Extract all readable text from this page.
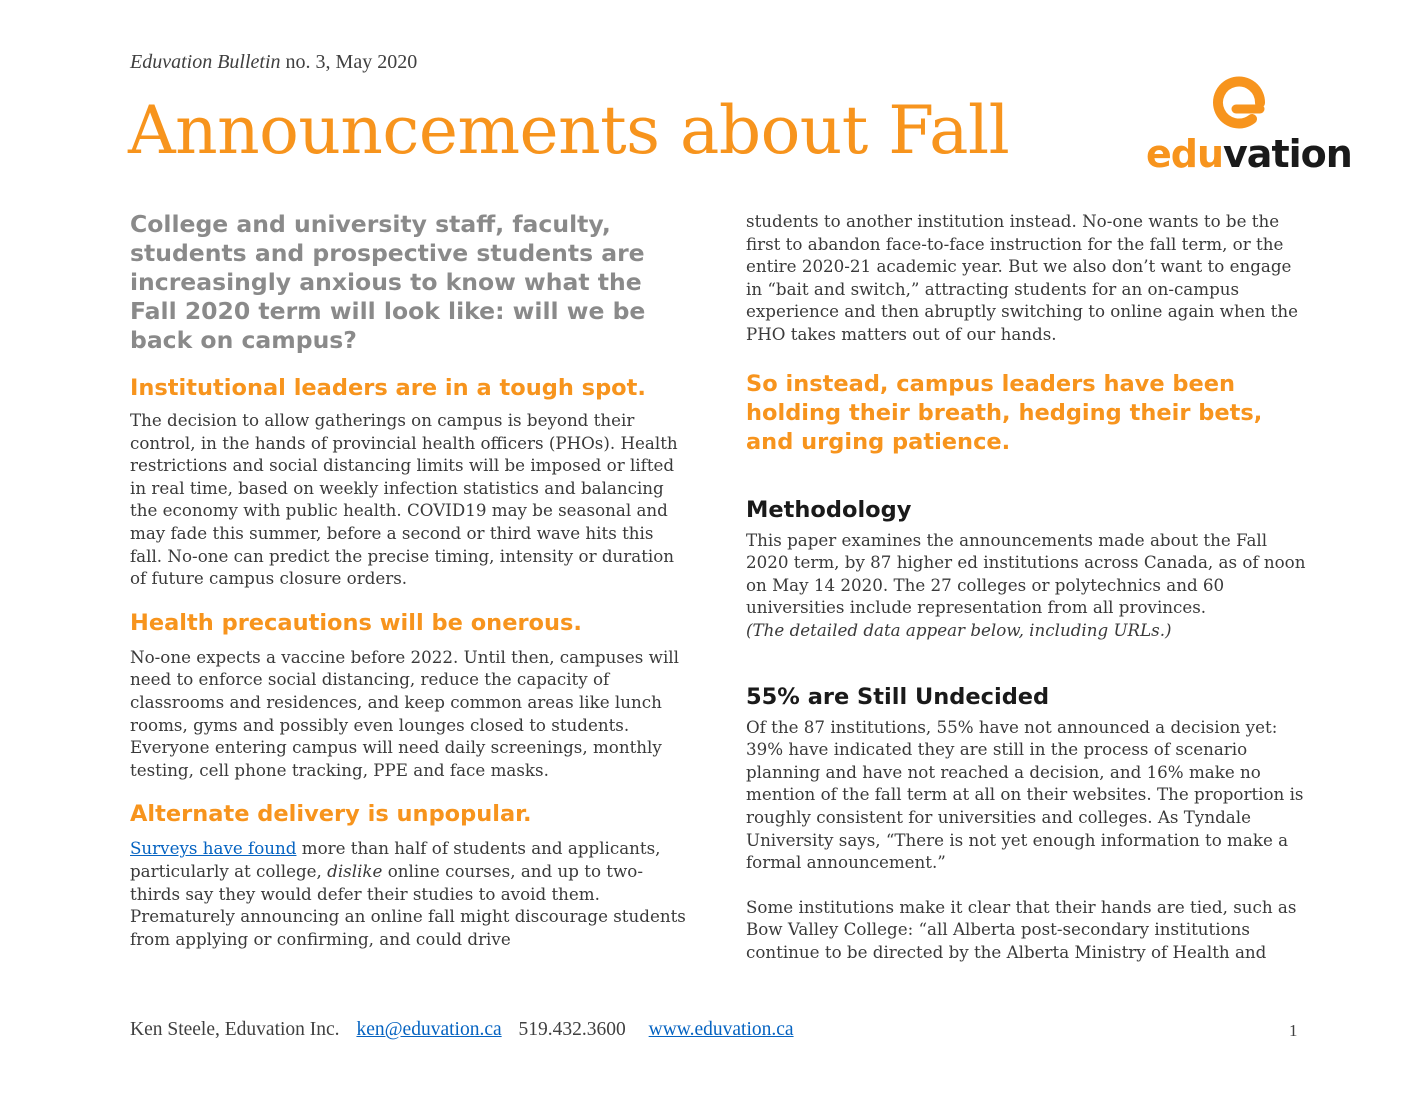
Eduvation Bulletin no. 3, May 2020
Announcements about Fall	eduvation

College and university staff, faculty, students and prospective students are increasingly anxious to know what the Fall 2020 term will look like: will we be back on campus?

Institutional leaders are in a tough spot.

The decision to allow gatherings on campus is beyond their control, in the hands of provincial health officers (PHOs). Health restrictions and social distancing limits will be imposed or lifted in real time, based on weekly infection statistics and balancing the economy with public health. COVID19 may be seasonal and may fade this summer, before a second or third wave hits this fall. No-one can predict the precise timing, intensity or duration of future campus closure orders.

Health precautions will be onerous.

No-one expects a vaccine before 2022. Until then, campuses will need to enforce social distancing, reduce the capacity of classrooms and residences, and keep common areas like lunch rooms, gyms and possibly even lounges closed to students. Everyone entering campus will need daily screenings, monthly testing, cell phone tracking, PPE and face masks.

Alternate delivery is unpopular.

Surveys have found more than half of students and applicants, particularly at college, dislike online courses, and up to two-thirds say they would defer their studies to avoid them. Prematurely announcing an online fall might discourage students from applying or confirming, and could drive

students to another institution instead. No-one wants to be the first to abandon face-to-face instruction for the fall term, or the entire 2020-21 academic year. But we also don’t want to engage in “bait and switch,” attracting students for an on-campus experience and then abruptly switching to online again when the PHO takes matters out of our hands.

So instead, campus leaders have been holding their breath, hedging their bets, and urging patience.

Methodology

This paper examines the announcements made about the Fall 2020 term, by 87 higher ed institutions across Canada, as of noon on May 14 2020. The 27 colleges or polytechnics and 60 universities include representation from all provinces.
(The detailed data appear below, including URLs.)

55% are Still Undecided

Of the 87 institutions, 55% have not announced a decision yet: 39% have indicated they are still in the process of scenario planning and have not reached a decision, and 16% make no mention of the fall term at all on their websites. The proportion is roughly consistent for universities and colleges. As Tyndale University says, “There is not yet enough information to make a formal announcement.”

Some institutions make it clear that their hands are tied, such as Bow Valley College: “all Alberta post-secondary institutions continue to be directed by the Alberta Ministry of Health and

Ken Steele, Eduvation Inc. ken@eduvation.ca 519.432.3600 www.eduvation.ca	1
